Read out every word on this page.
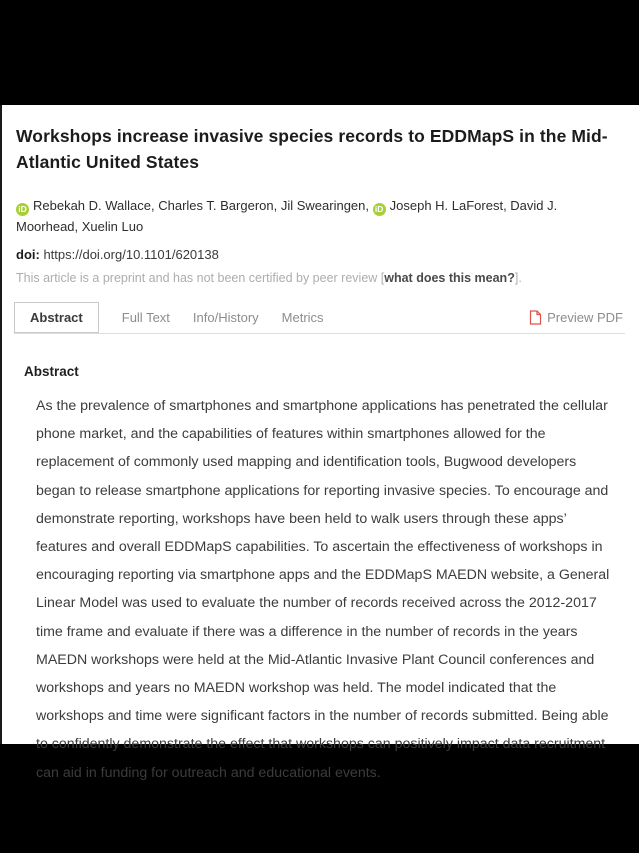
Workshops increase invasive species records to EDDMapS in the Mid-Atlantic United States
iD Rebekah D. Wallace, Charles T. Bargeron, Jil Swearingen, iD Joseph H. LaForest, David J. Moorhead, Xuelin Luo
doi: https://doi.org/10.1101/620138
This article is a preprint and has not been certified by peer review [what does this mean?].
Abstract	Full Text Info/History Metrics	Preview PDF
Abstract

As the prevalence of smartphones and smartphone applications has penetrated the cellular phone market, and the capabilities of features within smartphones allowed for the replacement of commonly used mapping and identification tools, Bugwood developers began to release smartphone applications for reporting invasive species. To encourage and demonstrate reporting, workshops have been held to walk users through these apps’ features and overall EDDMapS capabilities. To ascertain the effectiveness of workshops in encouraging reporting via smartphone apps and the EDDMapS MAEDN website, a General Linear Model was used to evaluate the number of records received across the 2012-2017 time frame and evaluate if there was a difference in the number of records in the years MAEDN workshops were held at the Mid-Atlantic Invasive Plant Council conferences and workshops and years no MAEDN workshop was held. The model indicated that the workshops and time were significant factors in the number of records submitted. Being able to confidently demonstrate the effect that workshops can positively impact data recruitment can aid in funding for outreach and educational events.
